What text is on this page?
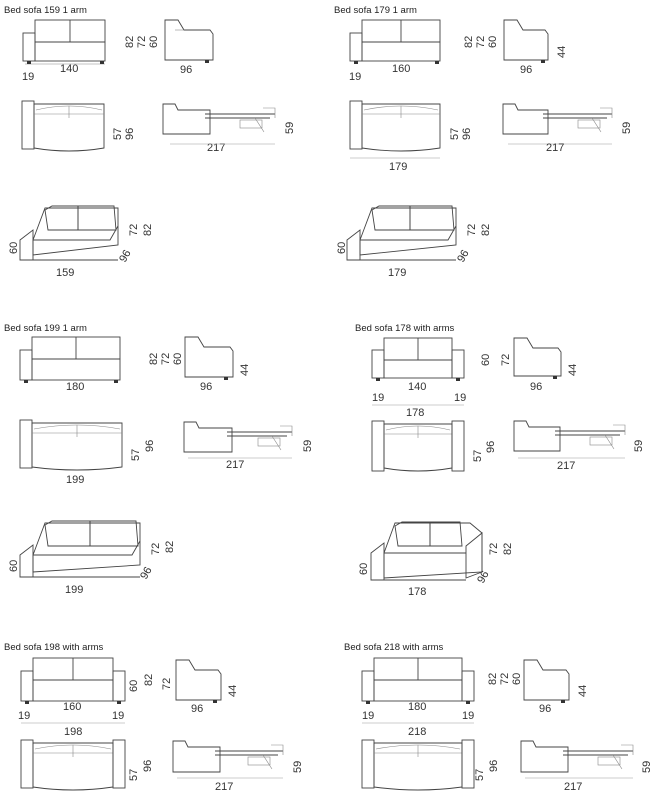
Bed sofa 159 1 arm
19
140
82 72 60
96
57 96
217
59
60
159
96
72 82
Bed sofa 179 1 arm
19
160
82 72 60
96
44
179
57 96
217
59
60
179
96
72 82
Bed sofa 199 1 arm
180
82 72 60
96
44
199
57
96
217
59
60
199
96
72 82
Bed sofa 178 with arms
19
140
19
178
60 72
96
44
57
96
217
59
60
178
96
72 82
Bed sofa 198 with arms
19
160
19
198
60 82 72
96
44
57
96
217
59
Bed sofa 218 with arms
19
180
19
218
82 72 60
96
44
57
96
217
59
